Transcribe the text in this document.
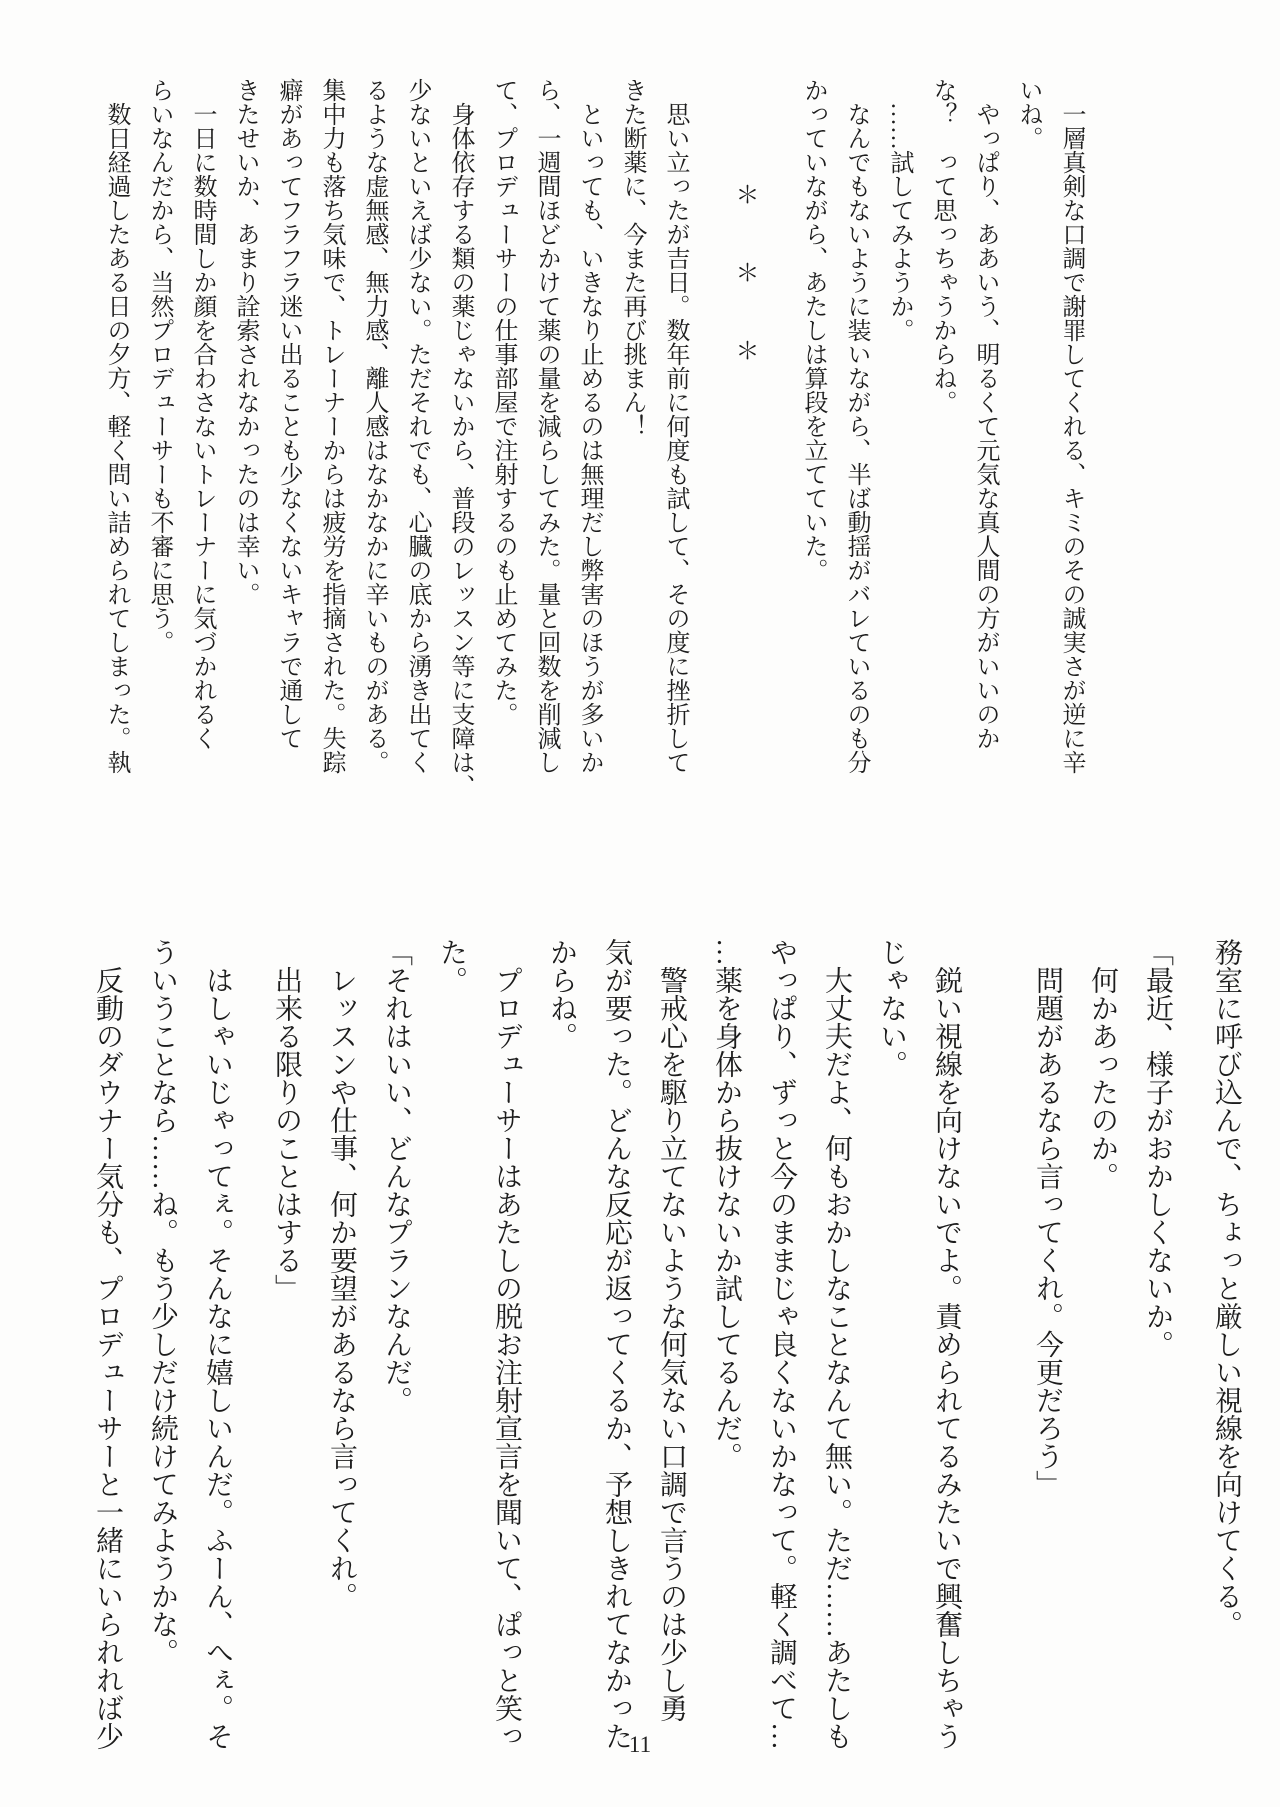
　一層真剣な口調で謝罪してくれる、キミのその誠実さが逆に辛
いね。
　やっぱり、ああいう、明るくて元気な真人間の方がいいのか
な？　って思っちゃうからね。
　……試してみようか。
　なんでもないように装いながら、半ば動揺がバレているのも分
かっていながら、あたしは算段を立てていた。
　　　　＊　　＊　　＊
　思い立ったが吉日。数年前に何度も試して、その度に挫折して
きた断薬に、今また再び挑まん！
　といっても、いきなり止めるのは無理だし弊害のほうが多いか
ら、一週間ほどかけて薬の量を減らしてみた。量と回数を削減し
て、プロデューサーの仕事部屋で注射するのも止めてみた。
　身体依存する類の薬じゃないから、普段のレッスン等に支障は、
少ないといえば少ない。ただそれでも、心臓の底から湧き出てく
るような虚無感、無力感、離人感はなかなかに辛いものがある。
集中力も落ち気味で、トレーナーからは疲労を指摘された。失踪
癖があってフラフラ迷い出ることも少なくないキャラで通して
きたせいか、あまり詮索されなかったのは幸い。
　一日に数時間しか顔を合わさないトレーナーに気づかれるく
らいなんだから、当然プロデューサーも不審に思う。
　数日経過したある日の夕方、軽く問い詰められてしまった。執
務室に呼び込んで、ちょっと厳しい視線を向けてくる。
「最近、様子がおかしくないか。
　何かあったのか。
　問題があるなら言ってくれ。今更だろう」
　鋭い視線を向けないでよ。責められてるみたいで興奮しちゃう
じゃない。
　大丈夫だよ、何もおかしなことなんて無い。ただ……あたしも
やっぱり、ずっと今のままじゃ良くないかなって。軽く調べて…
…薬を身体から抜けないか試してるんだ。
　警戒心を駆り立てないような何気ない口調で言うのは少し勇
気が要った。どんな反応が返ってくるか、予想しきれてなかった
からね。
　プロデューサーはあたしの脱お注射宣言を聞いて、ぱっと笑っ
た。
「それはいい、どんなプランなんだ。
　レッスンや仕事、何か要望があるなら言ってくれ。
　出来る限りのことはする」
　はしゃいじゃってぇ。そんなに嬉しいんだ。ふーん、へぇ。そ
ういうことなら……ね。もう少しだけ続けてみようかな。
　反動のダウナー気分も、プロデューサーと一緒にいられれば少	11
